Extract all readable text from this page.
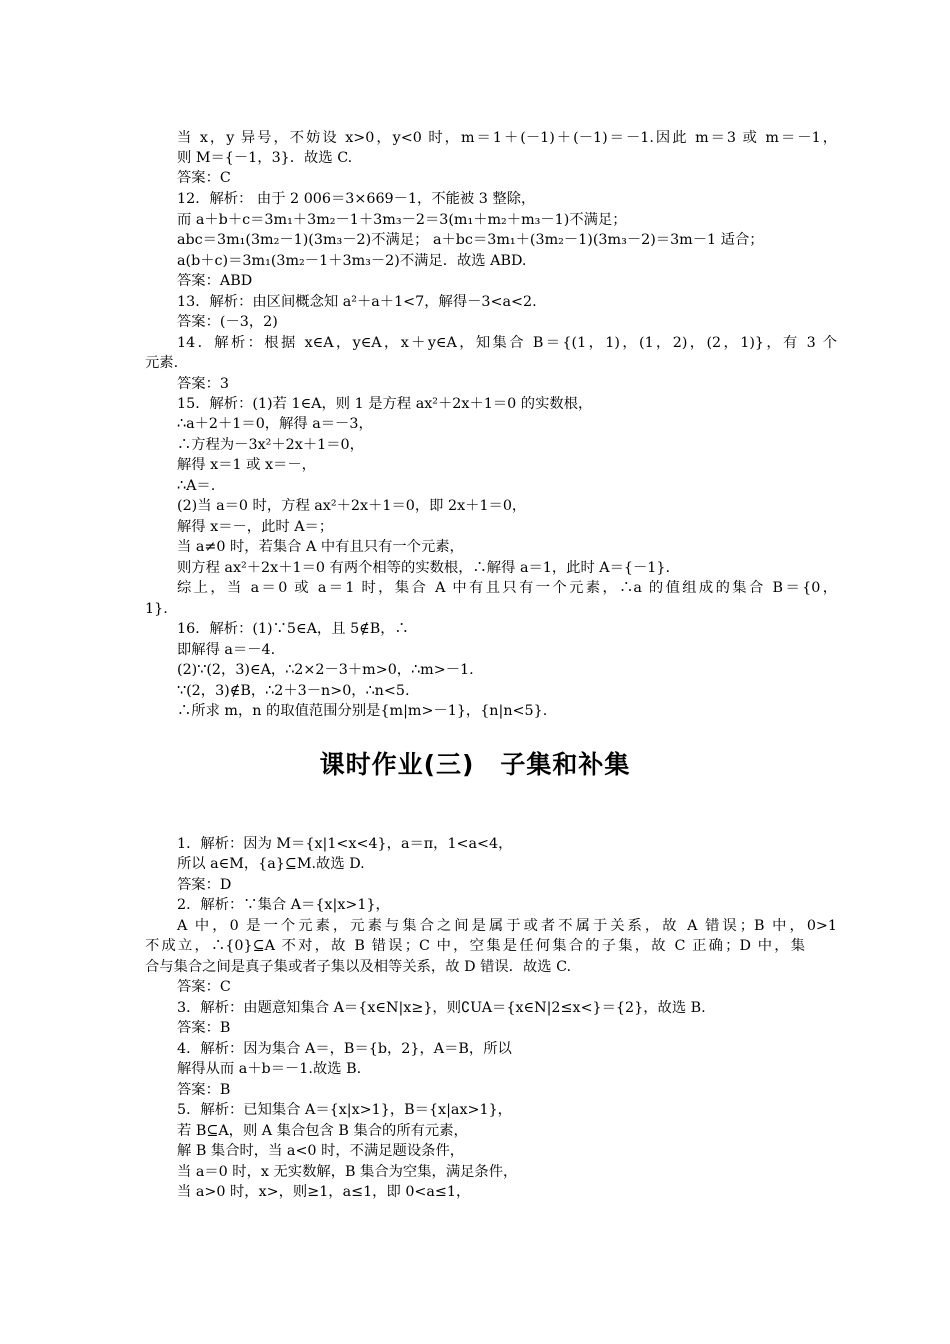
当 x，y 异号，不妨设 x>0，y<0 时，m＝1＋(－1)＋(－1)＝－1.因此 m＝3 或 m＝－1，
则 M＝{－1，3}．故选 C.
答案：C
12．解析： 由于 2 006＝3×669－1，不能被 3 整除，
而 a＋b＋c＝3m₁＋3m₂－1＋3m₃－2＝3(m₁＋m₂＋m₃－1)不满足；
abc＝3m₁(3m₂－1)(3m₃－2)不满足； a＋bc＝3m₁＋(3m₂－1)(3m₃－2)＝3m－1 适合；
a(b＋c)＝3m₁(3m₂－1＋3m₃－2)不满足．故选 ABD.
答案：ABD
13．解析：由区间概念知 a²＋a＋1<7，解得－3<a<2.
答案：(－3，2)
14．解析：根据 x∈A，y∈A，x＋y∈A，知集合 B＝{(1，1)，(1，2)，(2，1)}，有 3 个
元素.
答案：3
15．解析：(1)若 1∈A，则 1 是方程 ax²＋2x＋1＝0 的实数根，
∴a＋2＋1＝0，解得 a＝－3，
∴方程为－3x²＋2x＋1＝0，
解得 x＝1 或 x＝－，
∴A＝.
(2)当 a＝0 时，方程 ax²＋2x＋1＝0，即 2x＋1＝0，
解得 x＝－，此时 A＝；
当 a≠0 时，若集合 A 中有且只有一个元素，
则方程 ax²＋2x＋1＝0 有两个相等的实数根，∴解得 a＝1，此时 A＝{－1}.
综上，当 a＝0 或 a＝1 时，集合 A 中有且只有一个元素，∴a 的值组成的集合 B＝{0，
1}.
16．解析：(1)∵5∈A，且 5∉B，∴
即解得 a＝－4.
(2)∵(2，3)∈A，∴2×2－3＋m>0，∴m>－1.
∵(2，3)∉B，∴2＋3－n>0，∴n<5.
∴所求 m，n 的取值范围分别是{m|m>－1}，{n|n<5}.
课时作业(三)　子集和补集
1．解析：因为 M＝{x|1<x<4}，a＝π，1<a<4，
所以 a∈M，{a}⊆M.故选 D.
答案：D
2．解析：∵集合 A＝{x|x>1}，
A 中，0 是一个元素，元素与集合之间是属于或者不属于关系，故 A 错误；B 中，0>1
不成立，∴{0}⊆A 不对，故 B 错误；C 中，空集是任何集合的子集，故 C 正确；D 中，集
合与集合之间是真子集或者子集以及相等关系，故 D 错误．故选 C.
答案：C
3．解析：由题意知集合 A＝{x∈N|x≥}，则∁UA＝{x∈N|2≤x<}＝{2}，故选 B.
答案：B
4．解析：因为集合 A＝，B＝{b，2}，A＝B，所以
解得从而 a＋b＝－1.故选 B.
答案：B
5．解析：已知集合 A＝{x|x>1}，B＝{x|ax>1}，
若 B⊆A，则 A 集合包含 B 集合的所有元素，
解 B 集合时，当 a<0 时，不满足题设条件，
当 a＝0 时，x 无实数解，B 集合为空集，满足条件，
当 a>0 时，x>，则≥1，a≤1，即 0<a≤1，
